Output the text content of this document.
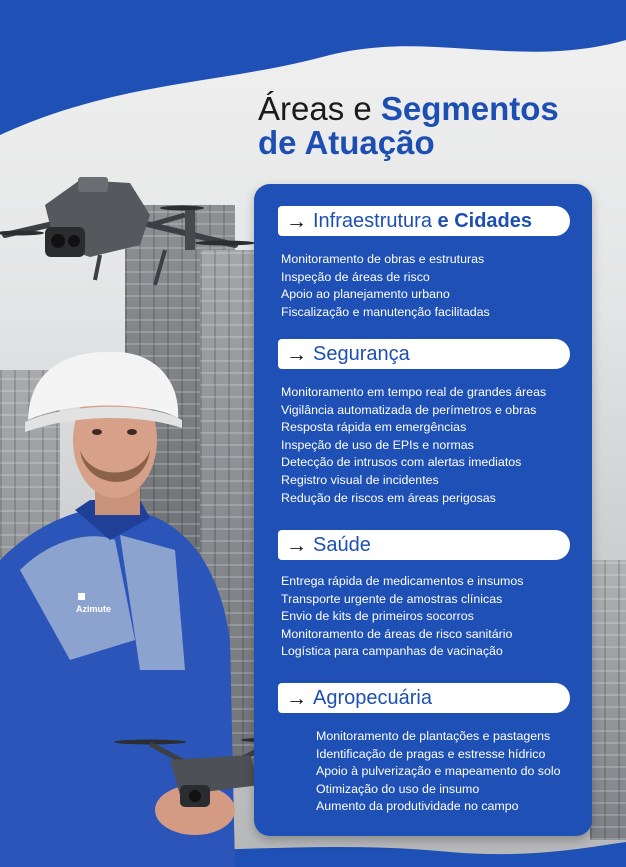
Áreas e Segmentos
de Atuação
Azimute
→ Infraestrutura e Cidades
Monitoramento de obras e estruturas
Inspeção de áreas de risco
Apoio ao planejamento urbano
Fiscalização e manutenção facilitadas
→ Segurança
Monitoramento em tempo real de grandes áreas
Vigilância automatizada de perímetros e obras
Resposta rápida em emergências
Inspeção de uso de EPIs e normas
Detecção de intrusos com alertas imediatos
Registro visual de incidentes
Redução de riscos em áreas perigosas
→ Saúde
Entrega rápida de medicamentos e insumos
Transporte urgente de amostras clínicas
Envio de kits de primeiros socorros
Monitoramento de áreas de risco sanitário
Logística para campanhas de vacinação
→ Agropecuária
Monitoramento de plantações e pastagens
Identificação de pragas e estresse hídrico
Apoio à pulverização e mapeamento do solo
Otimização do uso de insumo
Aumento da produtividade no campo
